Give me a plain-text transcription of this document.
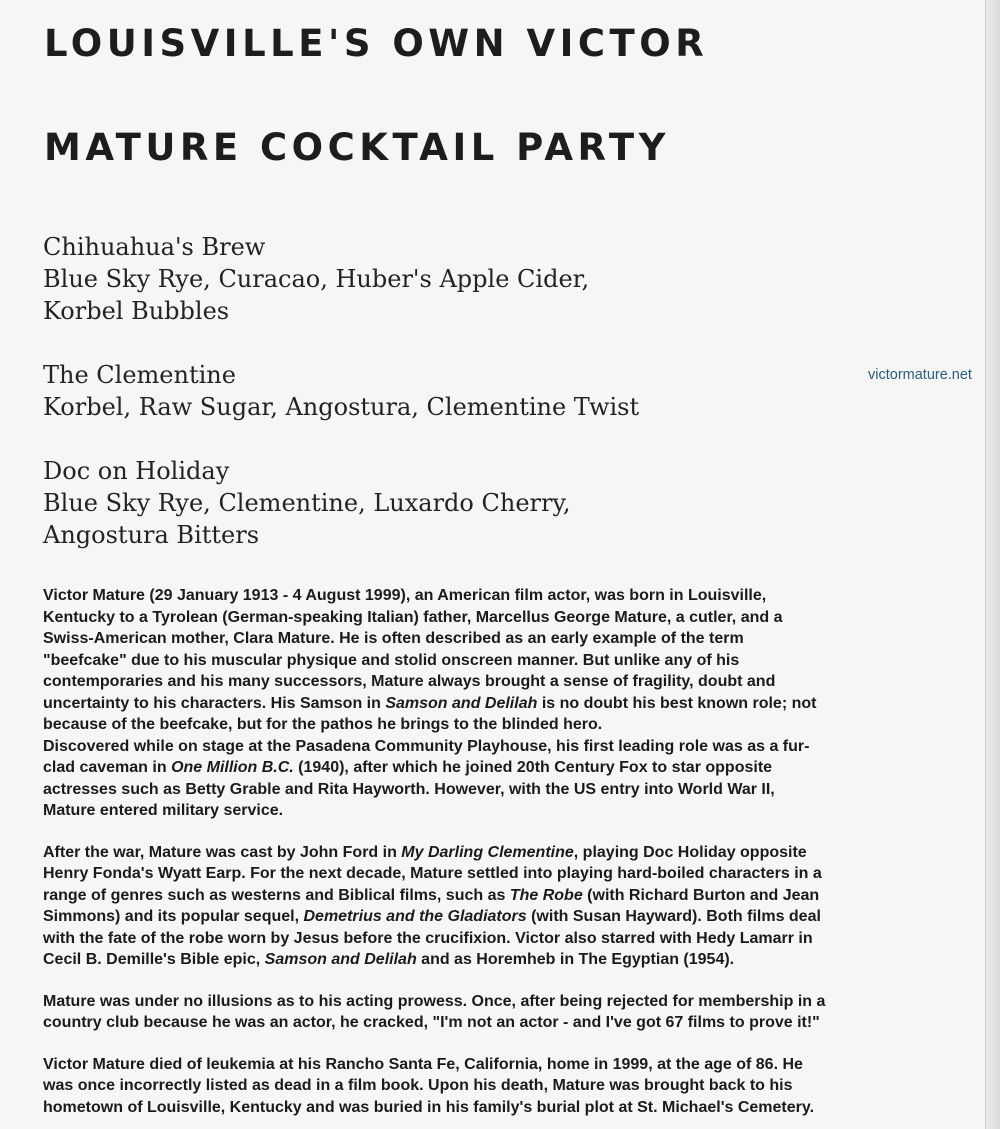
LOUISVILLE'S OWN VICTOR
MATURE COCKTAIL PARTY
Chihuahua's Brew
Blue Sky Rye, Curacao, Huber's Apple Cider,
Korbel Bubbles
The Clementine
Korbel, Raw Sugar, Angostura, Clementine Twist
Doc on Holiday
Blue Sky Rye, Clementine, Luxardo Cherry,
Angostura Bitters
victormature.net

Victor Mature (29 January 1913 - 4 August 1999), an American film actor, was born in Louisville,

Kentucky to a Tyrolean (German-speaking Italian) father, Marcellus George Mature, a cutler, and a

Swiss-American mother, Clara Mature. He is often described as an early example of the term

"beefcake" due to his muscular physique and stolid onscreen manner. But unlike any of his

contemporaries and his many successors, Mature always brought a sense of fragility, doubt and

uncertainty to his characters. His Samson in Samson and Delilah is no doubt his best known role; not

because of the beefcake, but for the pathos he brings to the blinded hero.

Discovered while on stage at the Pasadena Community Playhouse, his first leading role was as a fur-

clad caveman in One Million B.C. (1940), after which he joined 20th Century Fox to star opposite

actresses such as Betty Grable and Rita Hayworth. However, with the US entry into World War II,

Mature entered military service.

After the war, Mature was cast by John Ford in My Darling Clementine, playing Doc Holiday opposite

Henry Fonda's Wyatt Earp. For the next decade, Mature settled into playing hard-boiled characters in a

range of genres such as westerns and Biblical films, such as The Robe (with Richard Burton and Jean

Simmons) and its popular sequel, Demetrius and the Gladiators (with Susan Hayward). Both films deal

with the fate of the robe worn by Jesus before the crucifixion. Victor also starred with Hedy Lamarr in

Cecil B. Demille's Bible epic, Samson and Delilah and as Horemheb in The Egyptian (1954).

Mature was under no illusions as to his acting prowess. Once, after being rejected for membership in a

country club because he was an actor, he cracked, "I'm not an actor - and I've got 67 films to prove it!"

Victor Mature died of leukemia at his Rancho Santa Fe, California, home in 1999, at the age of 86. He

was once incorrectly listed as dead in a film book. Upon his death, Mature was brought back to his

hometown of Louisville, Kentucky and was buried in his family's burial plot at St. Michael's Cemetery.
